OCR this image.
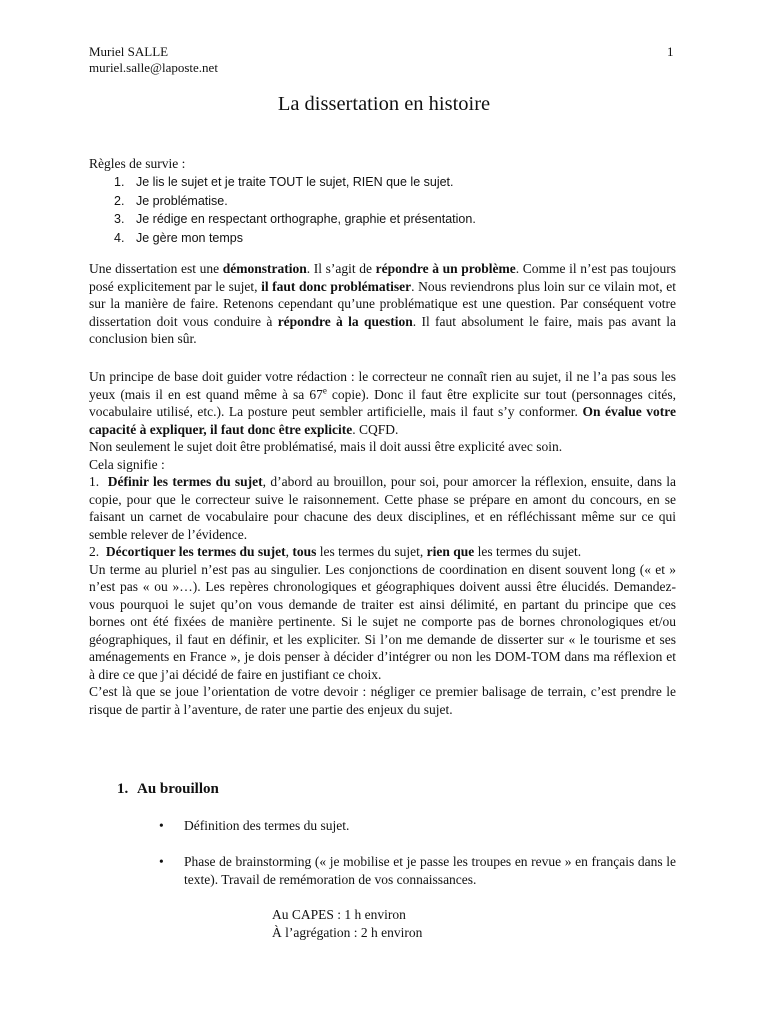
Muriel SALLE
muriel.salle@laposte.net
1
La dissertation en histoire
Règles de survie :
1. Je lis le sujet et je traite TOUT le sujet, RIEN que le sujet.
2. Je problématise.
3. Je rédige en respectant orthographe, graphie et présentation.
4. Je gère mon temps
Une dissertation est une démonstration. Il s’agit de répondre à un problème. Comme il n’est pas toujours posé explicitement par le sujet, il faut donc problématiser. Nous reviendrons plus loin sur ce vilain mot, et sur la manière de faire. Retenons cependant qu’une problématique est une question. Par conséquent votre dissertation doit vous conduire à répondre à la question. Il faut absolument le faire, mais pas avant la conclusion bien sûr.
Un principe de base doit guider votre rédaction : le correcteur ne connaît rien au sujet, il ne l’a pas sous les yeux (mais il en est quand même à sa 67e copie). Donc il faut être explicite sur tout (personnages cités, vocabulaire utilisé, etc.). La posture peut sembler artificielle, mais il faut s’y conformer. On évalue votre capacité à expliquer, il faut donc être explicite. CQFD.
Non seulement le sujet doit être problématisé, mais il doit aussi être explicité avec soin.
Cela signifie :
1. Définir les termes du sujet, d’abord au brouillon, pour soi, pour amorcer la réflexion, ensuite, dans la copie, pour que le correcteur suive le raisonnement. Cette phase se prépare en amont du concours, en se faisant un carnet de vocabulaire pour chacune des deux disciplines, et en réfléchissant même sur ce qui semble relever de l’évidence.
2. Décortiquer les termes du sujet, tous les termes du sujet, rien que les termes du sujet.
Un terme au pluriel n’est pas au singulier. Les conjonctions de coordination en disent souvent long (« et » n’est pas « ou »…). Les repères chronologiques et géographiques doivent aussi être élucidés. Demandez-vous pourquoi le sujet qu’on vous demande de traiter est ainsi délimité, en partant du principe que ces bornes ont été fixées de manière pertinente. Si le sujet ne comporte pas de bornes chronologiques et/ou géographiques, il faut en définir, et les expliciter. Si l’on me demande de disserter sur « le tourisme et ses aménagements en France », je dois penser à décider d’intégrer ou non les DOM-TOM dans ma réflexion et à dire ce que j’ai décidé de faire en justifiant ce choix.
C’est là que se joue l’orientation de votre devoir : négliger ce premier balisage de terrain, c’est prendre le risque de partir à l’aventure, de rater une partie des enjeux du sujet.
1. Au brouillon
• Définition des termes du sujet.
• Phase de brainstorming (« je mobilise et je passe les troupes en revue » en français dans le texte). Travail de remémoration de vos connaissances.
Au CAPES : 1 h environ
À l’agrégation : 2 h environ
